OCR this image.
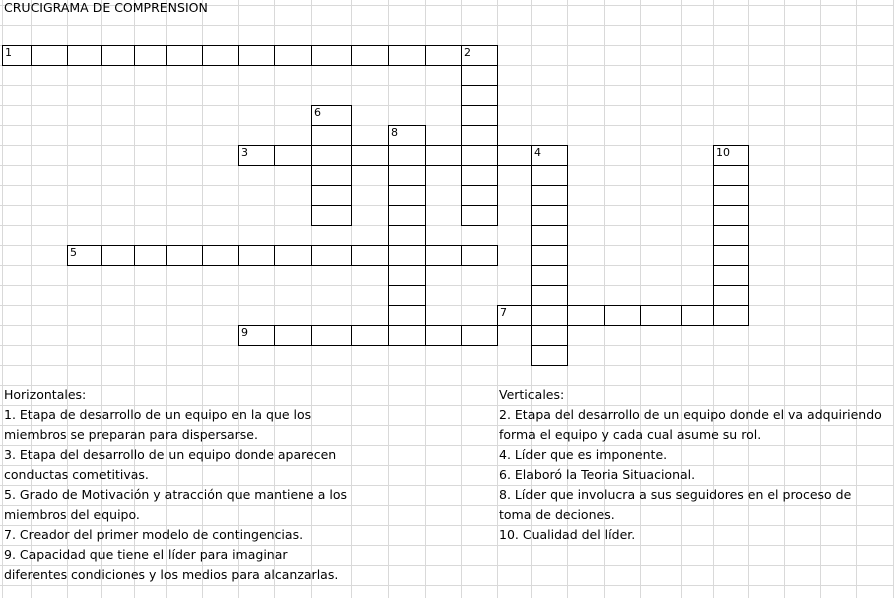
1	2
6
8
3	4	10
5
7
9
CRUCIGRAMA DE COMPRENSION
Horizontales:
1. Etapa de desarrollo de un equipo en la que los
miembros se preparan para dispersarse.
3. Etapa del desarrollo de un equipo donde aparecen
conductas cometitivas.
5. Grado de Motivación y atracción que mantiene a los
miembros del equipo.
7. Creador del primer modelo de contingencias.
9. Capacidad que tiene el líder para imaginar
diferentes condiciones y los medios para alcanzarlas.
Verticales:
2. Etapa del desarrollo de un equipo donde el va adquiriendo
forma el equipo y cada cual asume su rol.
4. Líder que es imponente.
6. Elaboró la Teoria Situacional.
8. Líder que involucra a sus seguidores en el proceso de
toma de deciones.
10. Cualidad del líder.
